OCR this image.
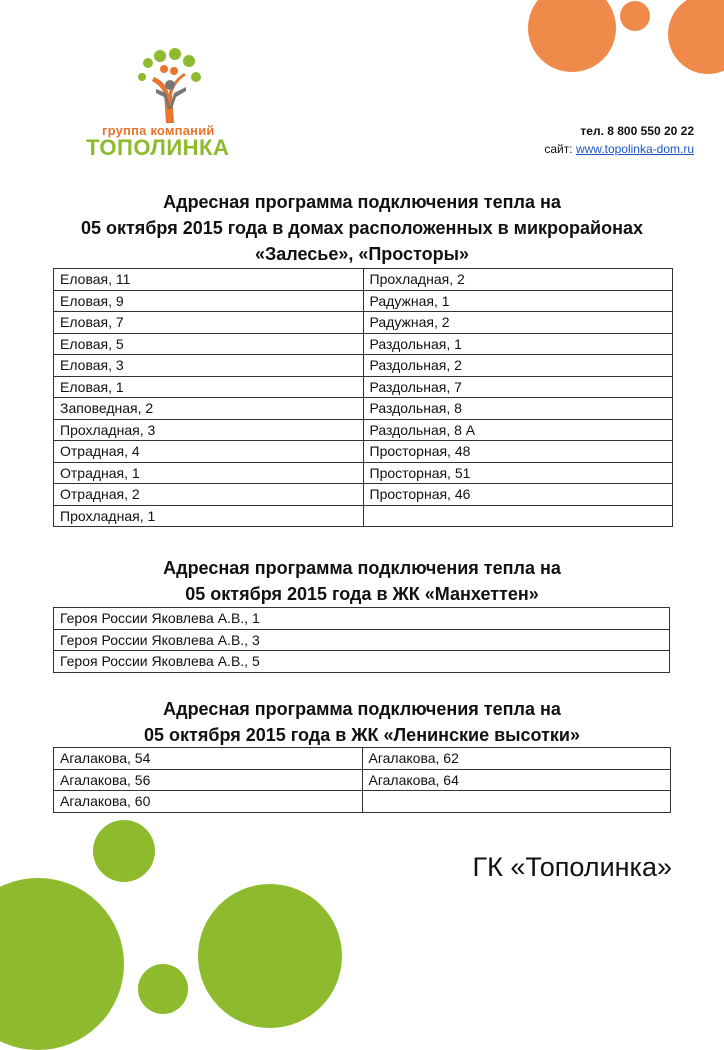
группа компаний
ТОПОЛИНКА
тел. 8 800 550 20 22
сайт: www.topolinka-dom.ru
Адресная программа подключения тепла на
05 октября 2015 года в домах расположенных в микрорайонах
«Залесье», «Просторы»
Еловая, 11	Прохладная, 2
Еловая, 9	Радужная, 1
Еловая, 7	Радужная, 2
Еловая, 5	Раздольная, 1
Еловая, 3	Раздольная, 2
Еловая, 1	Раздольная, 7
Заповедная, 2	Раздольная, 8
Прохладная, 3	Раздольная, 8 А
Отрадная, 4	Просторная, 48
Отрадная, 1	Просторная, 51
Отрадная, 2	Просторная, 46
Прохладная, 1	
Адресная программа подключения тепла на
05 октября 2015 года в ЖК «Манхеттен»
Героя России Яковлева А.В., 1
Героя России Яковлева А.В., 3
Героя России Яковлева А.В., 5
Адресная программа подключения тепла на
05 октября 2015 года в ЖК «Ленинские высотки»
Агалакова, 54	Агалакова, 62
Агалакова, 56	Агалакова, 64
Агалакова, 60	
ГК «Тополинка»
